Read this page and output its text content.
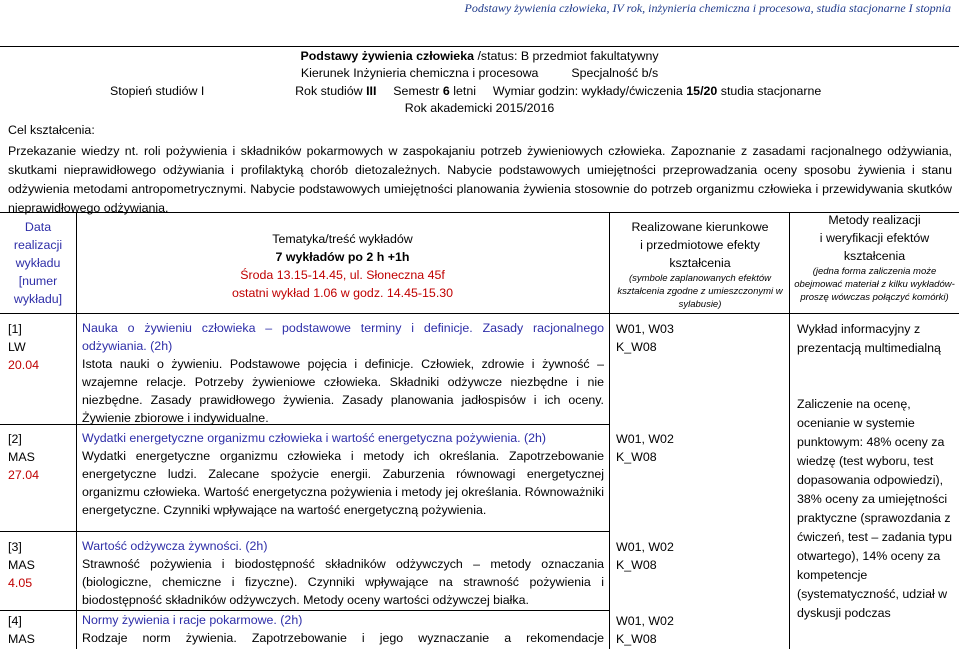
Podstawy żywienia człowieka, IV rok, inżynieria chemiczna i procesowa, studia stacjonarne I stopnia
Podstawy żywienia człowieka /status: B przedmiot fakultatywny
Kierunek Inżynieria chemiczna i procesowa	Specjalność b/s
Stopień studiów I	Rok studiów III Semestr 6 letni Wymiar godzin: wykłady/ćwiczenia 15/20 studia stacjonarne
Rok akademicki 2015/2016
Cel kształcenia:
Przekazanie wiedzy nt. roli pożywienia i składników pokarmowych w zaspokajaniu potrzeb żywieniowych człowieka. Zapoznanie z zasadami racjonalnego odżywiania, skutkami nieprawidłowego odżywiania i profilaktyką chorób dietozależnych. Nabycie podstawowych umiejętności przeprowadzania oceny sposobu żywienia i stanu odżywienia metodami antropometrycznymi. Nabycie podstawowych umiejętności planowania żywienia stosownie do potrzeb organizmu człowieka i przewidywania skutków nieprawidłowego odżywiania.
Data
realizacji
wykładu
[numer
wykładu]
Tematyka/treść wykładów
7 wykładów po 2 h +1h
Środa 13.15-14.45, ul. Słoneczna 45f
ostatni wykład 1.06 w godz. 14.45-15.30
Realizowane kierunkowe
i przedmiotowe efekty
kształcenia
(symbole zaplanowanych efektów kształcenia zgodne z umieszczonymi w sylabusie)
Metody realizacji
i weryfikacji efektów
kształcenia
(jedna forma zaliczenia może obejmować materiał z kilku wykładów-proszę wówczas połączyć komórki)
[1]
LW
20.04
Nauka o żywieniu człowieka – podstawowe terminy i definicje. Zasady racjonalnego odżywiania. (2h)
Istota nauki o żywieniu. Podstawowe pojęcia i definicje. Człowiek, zdrowie i żywność – wzajemne relacje. Potrzeby żywieniowe człowieka. Składniki odżywcze niezbędne i nie niezbędne. Zasady prawidłowego żywienia. Zasady planowania jadłospisów i ich oceny. Żywienie zbiorowe i indywidualne.
W01, W03
K_W08
[2]
MAS
27.04
Wydatki energetyczne organizmu człowieka i wartość energetyczna pożywienia. (2h)
Wydatki energetyczne organizmu człowieka i metody ich określania. Zapotrzebowanie energetyczne ludzi. Zalecane spożycie energii. Zaburzenia równowagi energetycznej organizmu człowieka. Wartość energetyczna pożywienia i metody jej określania. Równoważniki energetyczne. Czynniki wpływające na wartość energetyczną pożywienia.
W01, W02
K_W08
[3]
MAS
4.05
Wartość odżywcza żywności. (2h)
Strawność pożywienia i biodostępność składników odżywczych – metody oznaczania (biologiczne, chemiczne i fizyczne). Czynniki wpływające na strawność pożywienia i biodostępność składników odżywczych. Metody oceny wartości odżywczej białka.
W01, W02
K_W08
[4]
MAS
Normy żywienia i racje pokarmowe. (2h)
Rodzaje norm żywienia. Zapotrzebowanie i jego wyznaczanie a rekomendacje
W01, W02
K_W08
Wykład informacyjny z prezentacją multimedialną
Zaliczenie na ocenę, ocenianie w systemie punktowym: 48% oceny za wiedzę (test wyboru, test dopasowania odpowiedzi), 38% oceny za umiejętności praktyczne (sprawozdania z ćwiczeń, test – zadania typu otwartego), 14% oceny za kompetencje (systematyczność, udział w dyskusji podczas
